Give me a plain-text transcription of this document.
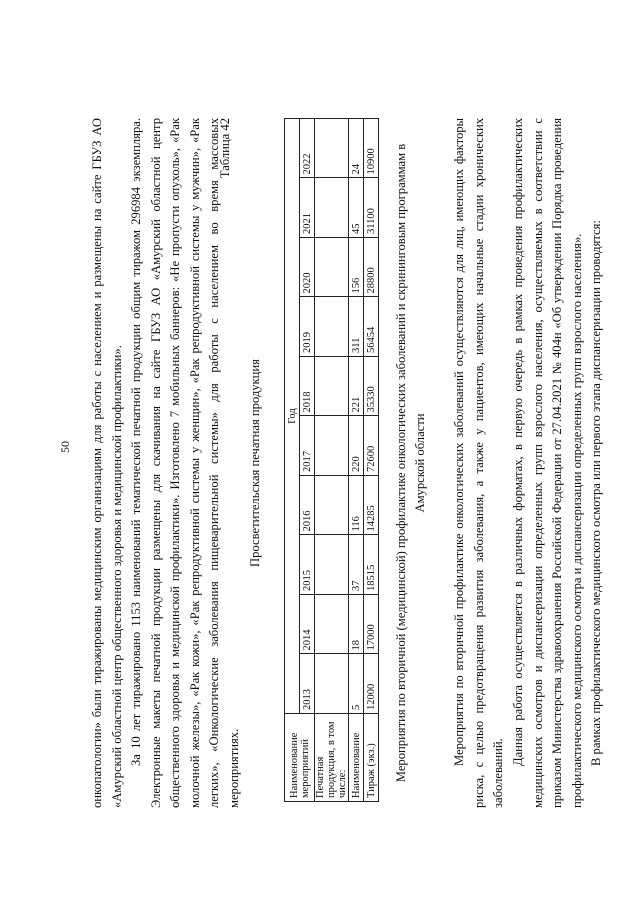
50 онкопатологии» были тиражированы медицинским организациям для работы с населением и размещены на сайте ГБУЗ АО «Амурский областной центр общественного здоровья и медицинской профилактики». За 10 лет тиражировано 1153 наименований тематической печатной продукции общим тиражом 296984 экземпляра. Электронные макеты печатной продукции размещены для скачивания на сайте ГБУЗ АО «Амурский областной центр общественного здоровья и медицинской профилактики». Изготовлено 7 мобильных баннеров: «Не пропусти опухоль», «Рак молочной железы», «Рак кожи», «Рак репродуктивной системы у женщин», «Рак репродуктивной системы у мужчин», «Рак легких», «Онкологические заболевания пищеварительной системы» для работы с населением во время массовых мероприятиях.

Таблица 42
Просветительская печатная продукция
Наименование мероприятий	Год									
	2013	2014	2015	2016	2017	2018	2019	2020	2021	2022
Печатная продукция, в том числе:										
Наименование	5	18	37	116	220	221	311	156	45	24
Тираж (экз.)	12000	17000	18515	14285	72600	35330	56454	28800	31100	10900 Мероприятия по вторичной (медицинской) профилактике онкологических заболеваний и скрининговым программам в Амурской области Мероприятия по вторичной профилактике онкологических заболеваний осуществляются для лиц, имеющих факторы риска, с целью предотвращения развития заболевания, а также у пациентов, имеющих начальные стадии хронических заболеваний.

Данная работа осуществляется в различных форматах, в первую очередь в рамках проведения профилактических медицинских осмотров и диспансеризации определенных групп взрослого населения, осуществляемых в соответствии с приказом Министерства здравоохранения Российской Федерации от 27.04.2021 № 404н «Об утверждении Порядка проведения профилактического медицинского осмотра и диспансеризации определенных групп взрослого населения». В рамках профилактического медицинского осмотра или первого этапа диспансеризации проводятся:
